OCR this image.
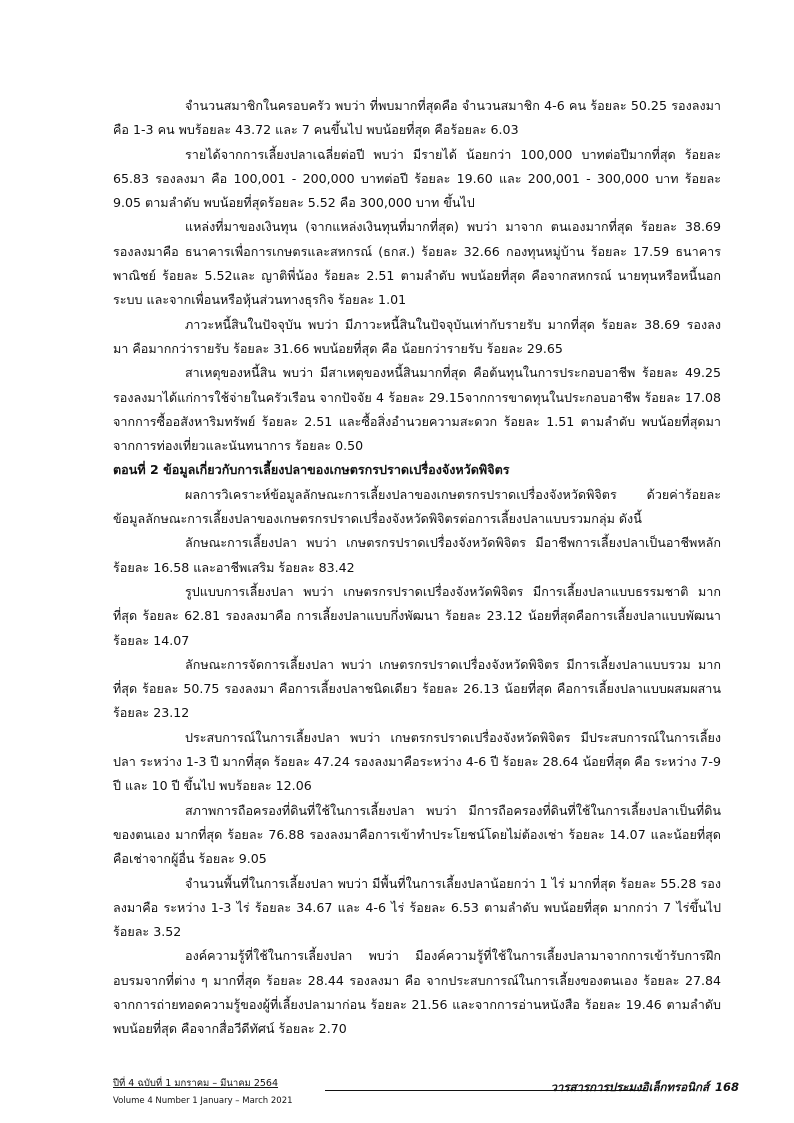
จำนวนสมาชิกในครอบครัว พบว่า ที่พบมากที่สุดคือ จำนวนสมาชิก 4-6 คน ร้อยละ 50.25 รองลงมาคือ 1-3 คน พบร้อยละ 43.72 และ 7 คนขึ้นไป พบน้อยที่สุด คือร้อยละ 6.03

รายได้จากการเลี้ยงปลาเฉลี่ยต่อปี พบว่า มีรายได้ น้อยกว่า 100,000 บาทต่อปีมากที่สุด ร้อยละ 65.83 รองลงมา คือ 100,001 - 200,000 บาทต่อปี ร้อยละ 19.60 และ 200,001 - 300,000 บาท ร้อยละ 9.05 ตามลำดับ พบน้อยที่สุดร้อยละ 5.52 คือ 300,000 บาท ขึ้นไป

แหล่งที่มาของเงินทุน (จากแหล่งเงินทุนที่มากที่สุด) พบว่า มาจาก ตนเองมากที่สุด ร้อยละ 38.69 รองลงมาคือ ธนาคารเพื่อการเกษตรและสหกรณ์ (ธกส.) ร้อยละ 32.66 กองทุนหมู่บ้าน ร้อยละ 17.59 ธนาคารพาณิชย์ ร้อยละ 5.52และ ญาติพี่น้อง ร้อยละ 2.51 ตามลำดับ พบน้อยที่สุด คือจากสหกรณ์ นายทุนหรือหนี้นอกระบบ และจากเพื่อนหรือหุ้นส่วนทางธุรกิจ ร้อยละ 1.01

ภาวะหนี้สินในปัจจุบัน พบว่า มีภาวะหนี้สินในปัจจุบันเท่ากับรายรับ มากที่สุด ร้อยละ 38.69 รองลงมา คือมากกว่ารายรับ ร้อยละ 31.66 พบน้อยที่สุด คือ น้อยกว่ารายรับ ร้อยละ 29.65

สาเหตุของหนี้สิน พบว่า มีสาเหตุของหนี้สินมากที่สุด คือต้นทุนในการประกอบอาชีพ ร้อยละ 49.25 รองลงมาได้แก่การใช้จ่ายในครัวเรือน จากปัจจัย 4 ร้อยละ 29.15จากการขาดทุนในประกอบอาชีพ ร้อยละ 17.08 จากการซื้ออสังหาริมทรัพย์ ร้อยละ 2.51 และซื้อสิ่งอำนวยความสะดวก ร้อยละ 1.51 ตามลำดับ พบน้อยที่สุดมาจากการท่องเที่ยวและนันทนาการ ร้อยละ 0.50

ตอนที่ 2 ข้อมูลเกี่ยวกับการเลี้ยงปลาของเกษตรกรปราดเปรื่องจังหวัดพิจิตร

ผลการวิเคราะห์ข้อมูลลักษณะการเลี้ยงปลาของเกษตรกรปราดเปรื่องจังหวัดพิจิตร ด้วยค่าร้อยละ ข้อมูลลักษณะการเลี้ยงปลาของเกษตรกรปราดเปรื่องจังหวัดพิจิตรต่อการเลี้ยงปลาแบบรวมกลุ่ม ดังนี้

ลักษณะการเลี้ยงปลา พบว่า เกษตรกรปราดเปรื่องจังหวัดพิจิตร มีอาชีพการเลี้ยงปลาเป็นอาชีพหลัก ร้อยละ 16.58 และอาชีพเสริม ร้อยละ 83.42

รูปแบบการเลี้ยงปลา พบว่า เกษตรกรปราดเปรื่องจังหวัดพิจิตร มีการเลี้ยงปลาแบบธรรมชาติ มากที่สุด ร้อยละ 62.81 รองลงมาคือ การเลี้ยงปลาแบบกึ่งพัฒนา ร้อยละ 23.12 น้อยที่สุดคือการเลี้ยงปลาแบบพัฒนา ร้อยละ 14.07

ลักษณะการจัดการเลี้ยงปลา พบว่า เกษตรกรปราดเปรื่องจังหวัดพิจิตร มีการเลี้ยงปลาแบบรวม มากที่สุด ร้อยละ 50.75 รองลงมา คือการเลี้ยงปลาชนิดเดียว ร้อยละ 26.13 น้อยที่สุด คือการเลี้ยงปลาแบบผสมผสาน ร้อยละ 23.12

ประสบการณ์ในการเลี้ยงปลา พบว่า เกษตรกรปราดเปรื่องจังหวัดพิจิตร มีประสบการณ์ในการเลี้ยงปลา ระหว่าง 1-3 ปี มากที่สุด ร้อยละ 47.24 รองลงมาคือระหว่าง 4-6 ปี ร้อยละ 28.64 น้อยที่สุด คือ ระหว่าง 7-9 ปี และ 10 ปี ขึ้นไป พบร้อยละ 12.06

สภาพการถือครองที่ดินที่ใช้ในการเลี้ยงปลา พบว่า มีการถือครองที่ดินที่ใช้ในการเลี้ยงปลาเป็นที่ดินของตนเอง มากที่สุด ร้อยละ 76.88 รองลงมาคือการเข้าทำประโยชน์โดยไม่ต้องเช่า ร้อยละ 14.07 และน้อยที่สุดคือเช่าจากผู้อื่น ร้อยละ 9.05

จำนวนพื้นที่ในการเลี้ยงปลา พบว่า มีพื้นที่ในการเลี้ยงปลาน้อยกว่า 1 ไร่ มากที่สุด ร้อยละ 55.28 รองลงมาคือ ระหว่าง 1-3 ไร่ ร้อยละ 34.67 และ 4-6 ไร่ ร้อยละ 6.53 ตามลำดับ พบน้อยที่สุด มากกว่า 7 ไร่ขึ้นไป ร้อยละ 3.52

องค์ความรู้ที่ใช้ในการเลี้ยงปลา พบว่า มีองค์ความรู้ที่ใช้ในการเลี้ยงปลามาจากการเข้ารับการฝึกอบรมจากที่ต่าง ๆ มากที่สุด ร้อยละ 28.44 รองลงมา คือ จากประสบการณ์ในการเลี้ยงของตนเอง ร้อยละ 27.84 จากการถ่ายทอดความรู้ของผู้ที่เลี้ยงปลามาก่อน ร้อยละ 21.56 และจากการอ่านหนังสือ ร้อยละ 19.46 ตามลำดับ พบน้อยที่สุด คือจากสื่อวีดีทัศน์ ร้อยละ 2.70

ปีที่ 4 ฉบับที่ 1 มกราคม – มีนาคม 2564
Volume 4 Number 1 January – March 2021
วารสารการประมงอิเล็กทรอนิกส์ 168
